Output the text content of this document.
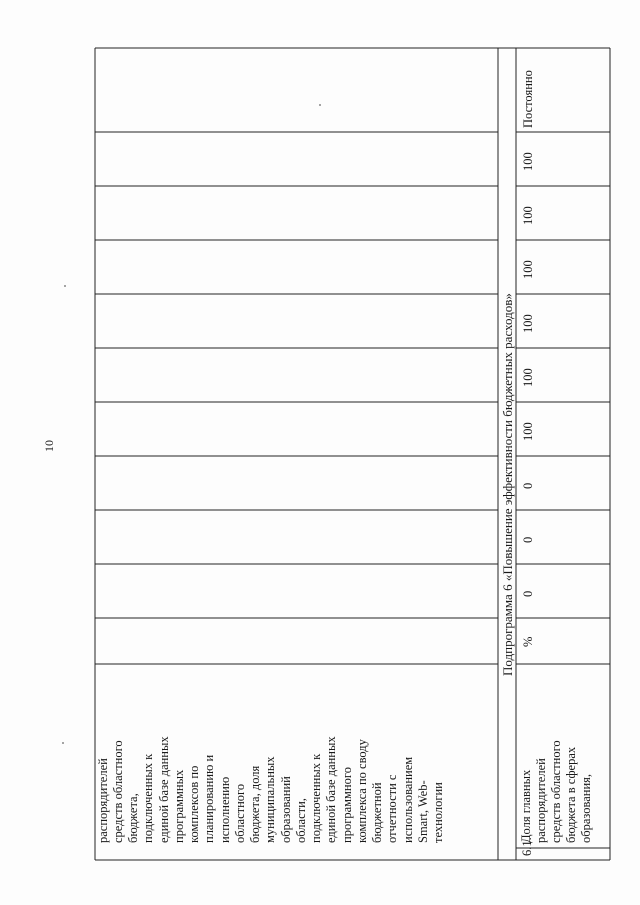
10
распорядителей средств областного бюджета, подключенных к единой базе данных программных комплексов по планированию и исполнению областного бюджета, доля муниципальных образований области, подключенных к единой базе данных программного комплекса по своду бюджетной отчетности с использованием Smart, Web- технологии
6.1.
Доля главных распорядителей средств областного бюджета в сферах образования,
%
0
0
0
100
100
100
100
100
100
Постоянно
Подпрограмма 6 «Повышение эффективности бюджетных расходов»
